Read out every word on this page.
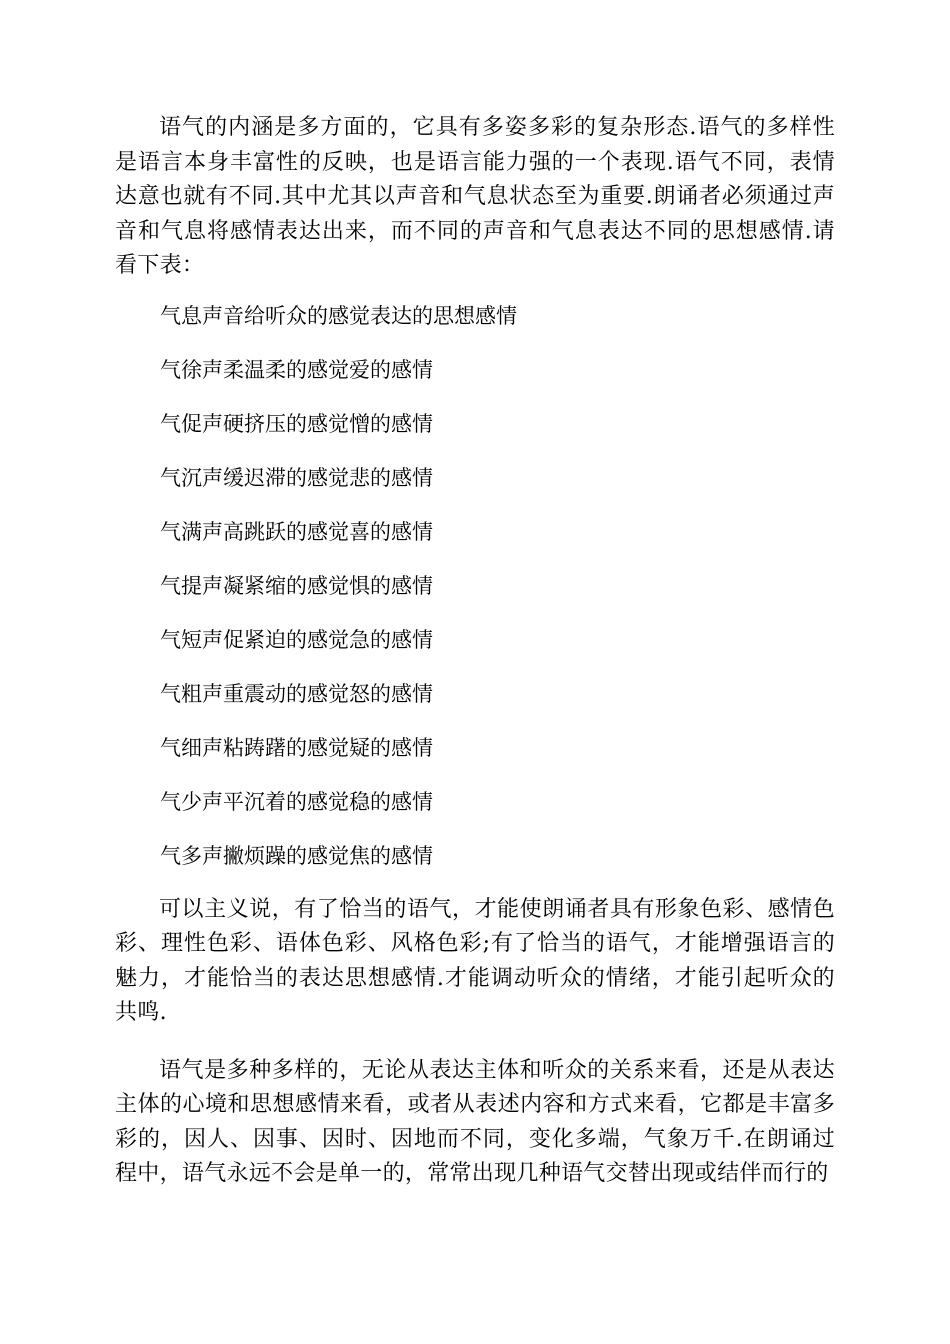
语气的内涵是多方面的，它具有多姿多彩的复杂形态.语气的多样性是语言本身丰富性的反映，也是语言能力强的一个表现.语气不同，表情达意也就有不同.其中尤其以声音和气息状态至为重要.朗诵者必须通过声音和气息将感情表达出来，而不同的声音和气息表达不同的思想感情.请看下表：

气息声音给听众的感觉表达的思想感情

气徐声柔温柔的感觉爱的感情

气促声硬挤压的感觉憎的感情

气沉声缓迟滞的感觉悲的感情

气满声高跳跃的感觉喜的感情

气提声凝紧缩的感觉惧的感情

气短声促紧迫的感觉急的感情

气粗声重震动的感觉怒的感情

气细声粘踌躇的感觉疑的感情

气少声平沉着的感觉稳的感情

气多声撇烦躁的感觉焦的感情

可以主义说，有了恰当的语气，才能使朗诵者具有形象色彩、感情色彩、理性色彩、语体色彩、风格色彩;有了恰当的语气，才能增强语言的魅力，才能恰当的表达思想感情.才能调动听众的情绪，才能引起听众的共鸣.

语气是多种多样的，无论从表达主体和听众的关系来看，还是从表达主体的心境和思想感情来看，或者从表述内容和方式来看，它都是丰富多彩的，因人、因事、因时、因地而不同，变化多端，气象万千.在朗诵过程中，语气永远不会是单一的，常常出现几种语气交替出现或结伴而行的
